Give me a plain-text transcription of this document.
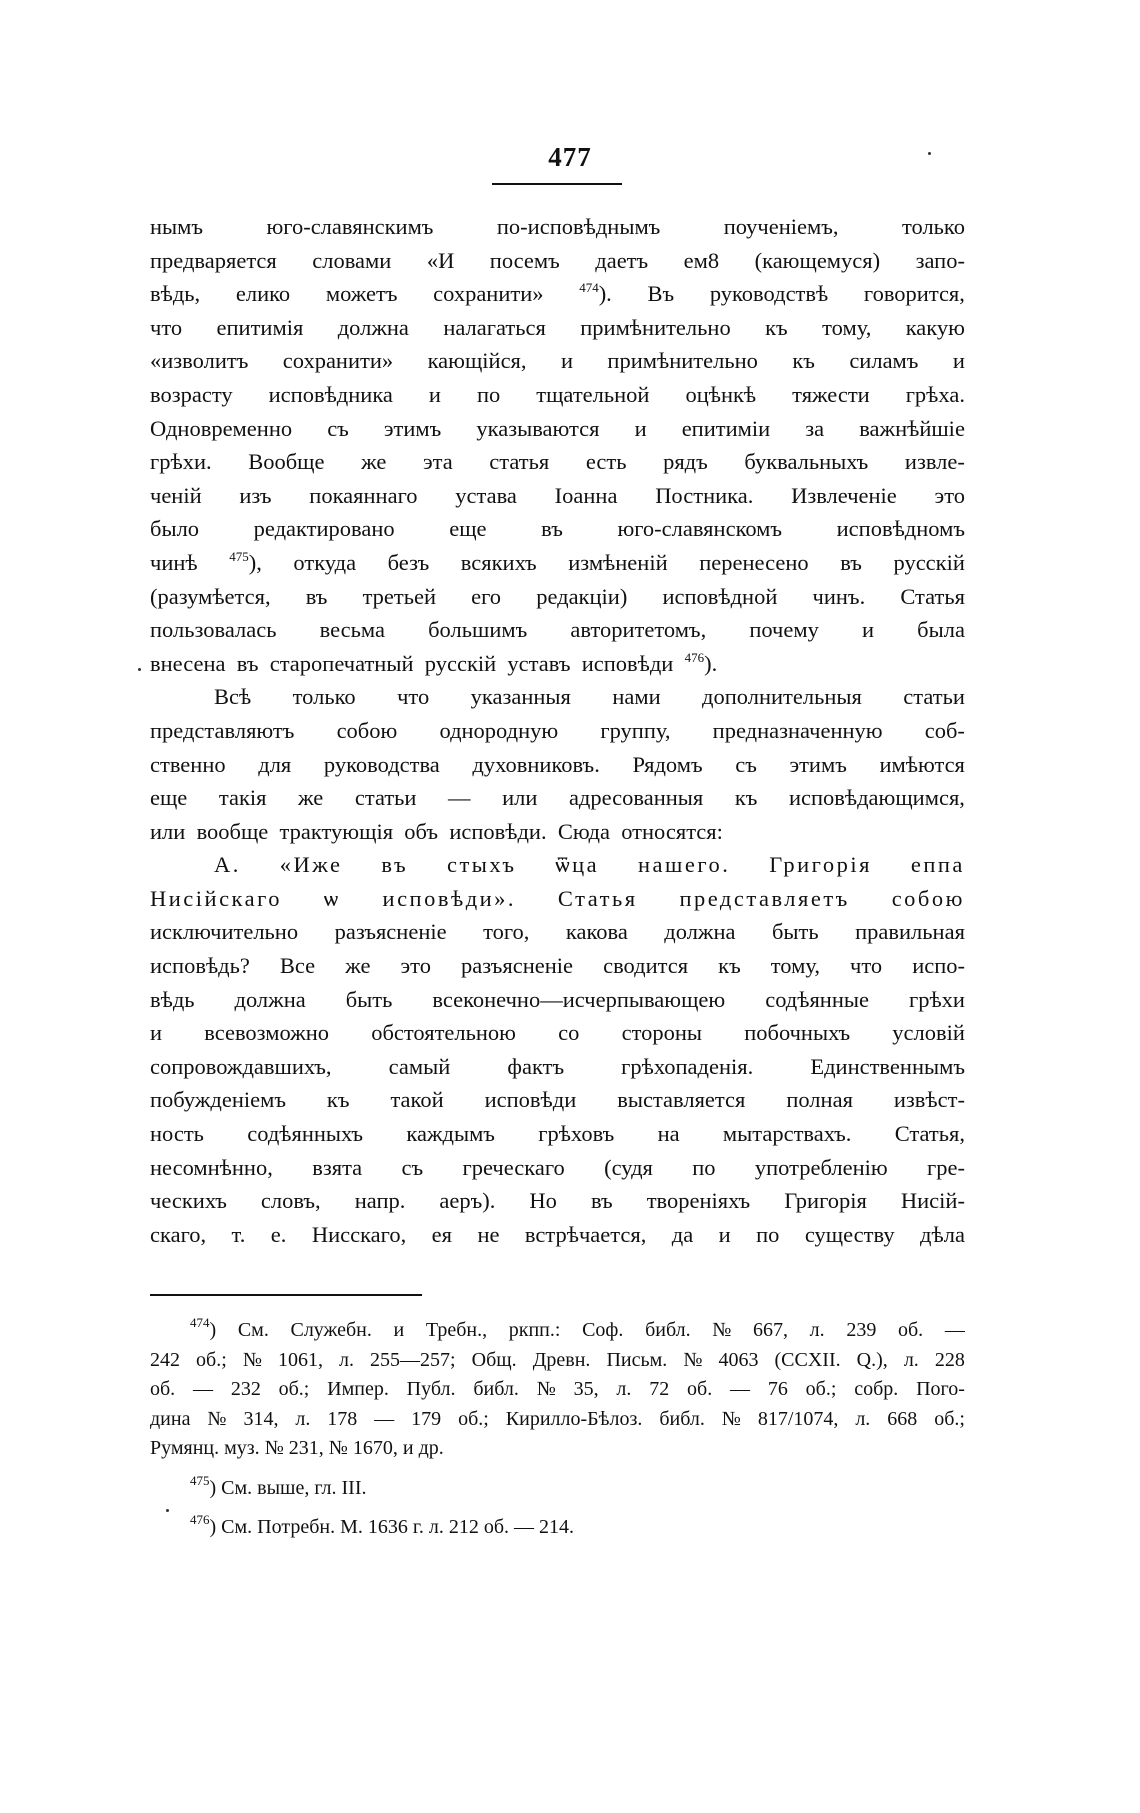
477
нымъ	юго-славянскимъ	по-исповѣднымъ	поученіемъ,	только
предваряется словами «И посемъ даетъ ем8 (кающемуся) запо-
вѣдь, елико можетъ сохранити»	$^{474}$). Въ руководствѣ говорится,
что епитимія должна налагаться примѣнительно къ тому, какую
«изволитъ сохранити» кающійся, и примѣнительно къ силамъ и
возрасту исповѣдника и по тщательной оцѣнкѣ тяжести грѣха.
Одновременно съ этимъ указываются и епитиміи за важнѣйшіе
грѣхи. Вообще же эта статья есть рядъ буквальныхъ извле-
ченій изъ покаяннаго устава Іоанна Постника. Извлеченіе это
было редактировано еще въ юго-славянскомъ исповѣдномъ
чинѣ $^{475}$), откуда безъ всякихъ измѣненій перенесено въ русскій
(разумѣется, въ третьей его редакціи) исповѣдной чинъ. Статья
пользовалась весьма большимъ авторитетомъ, почему и была
внесена
въ
старопечатный
русскій
уставъ
исповѣди
$^{476}$).
Всѣ только что указанныя нами дополнительныя статьи
представляютъ собою однородную группу, предназначенную соб-
ственно для руководства духовниковъ. Рядомъ съ этимъ имѣются
еще такія же статьи — или адресованныя къ исповѣдающимся,
или
вообще
трактующія
объ
исповѣди.
Сюда
относятся:
А. «Иже въ стыхъ ѿца нашего. Григорія еппа
Нисійскаго ѡ исповѣди». Статья представляетъ собою
исключительно разъясненіе того, какова должна быть правильная
исповѣдь? Все же это разъясненіе сводится къ тому, что испо-
вѣдь должна быть всеконечно—исчерпывающею содѣянные грѣхи
и всевозможно обстоятельною со стороны побочныхъ условій
сопровождавшихъ,	самый	фактъ	грѣхопаденія.	Единственнымъ
побужденіемъ къ такой исповѣди выставляется полная извѣст-
ность содѣянныхъ каждымъ грѣховъ на мытарствахъ. Статья,
несомнѣнно, взята съ греческаго (судя по употребленію гре-
ческихъ словъ, напр. аеръ). Но въ твореніяхъ Григорія Нисій-
скаго, т. е. Нисскаго, ея не встрѣчается, да и по существу дѣла
$^{474}$) См. Служебн. и Требн., ркпп.: Соф. библ. № 667, л. 239 об. —
242 об.; № 1061, л. 255—257; Общ. Древн. Письм. № 4063 (CCXII. Q.), л. 228
об. — 232 об.; Импер. Публ. библ. № 35, л. 72 об. — 76 об.; собр. Пого-
дина № 314, л. 178 — 179 об.; Кирилло-Бѣлоз. библ. № 817/1074, л. 668 об.;
Румянц.
муз.
№
231,
№
1670,
и
др.
$^{475}$)
См.
выше,
гл.
III.
$^{476}$)
См.
Потребн.
М.
1636
г.
л.
212
об.
—
214.
